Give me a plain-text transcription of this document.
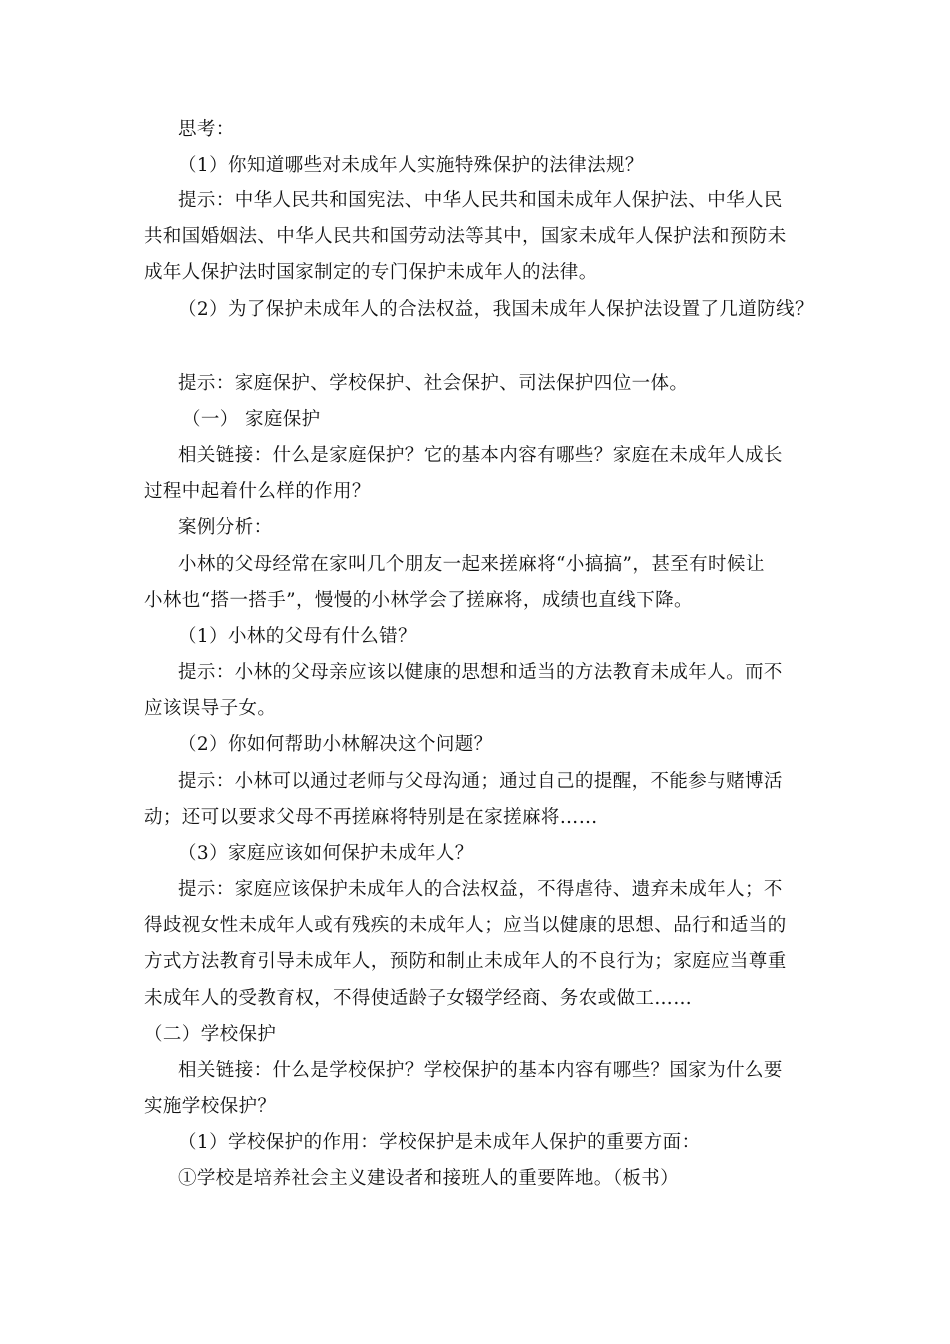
思考：
（1）你知道哪些对未成年人实施特殊保护的法律法规？
提示：中华人民共和国宪法、中华人民共和国未成年人保护法、中华人民
共和国婚姻法、中华人民共和国劳动法等其中，国家未成年人保护法和预防未
成年人保护法时国家制定的专门保护未成年人的法律。
（2）为了保护未成年人的合法权益，我国未成年人保护法设置了几道防线？
提示：家庭保护、学校保护、社会保护、司法保护四位一体。
（一） 家庭保护
相关链接：什么是家庭保护？它的基本内容有哪些？家庭在未成年人成长
过程中起着什么样的作用？
案例分析：
小林的父母经常在家叫几个朋友一起来搓麻将“小搞搞”，甚至有时候让
小林也“搭一搭手”，慢慢的小林学会了搓麻将，成绩也直线下降。
（1）小林的父母有什么错？
提示：小林的父母亲应该以健康的思想和适当的方法教育未成年人。而不
应该误导子女。
（2）你如何帮助小林解决这个问题？
提示：小林可以通过老师与父母沟通；通过自己的提醒，不能参与赌博活
动；还可以要求父母不再搓麻将特别是在家搓麻将……
（3）家庭应该如何保护未成年人？
提示：家庭应该保护未成年人的合法权益，不得虐待、遗弃未成年人；不
得歧视女性未成年人或有残疾的未成年人；应当以健康的思想、品行和适当的
方式方法教育引导未成年人，预防和制止未成年人的不良行为；家庭应当尊重
未成年人的受教育权，不得使适龄子女辍学经商、务农或做工……
（二）学校保护
相关链接：什么是学校保护？学校保护的基本内容有哪些？国家为什么要
实施学校保护？
（1）学校保护的作用：学校保护是未成年人保护的重要方面：
①学校是培养社会主义建设者和接班人的重要阵地。（板书）
